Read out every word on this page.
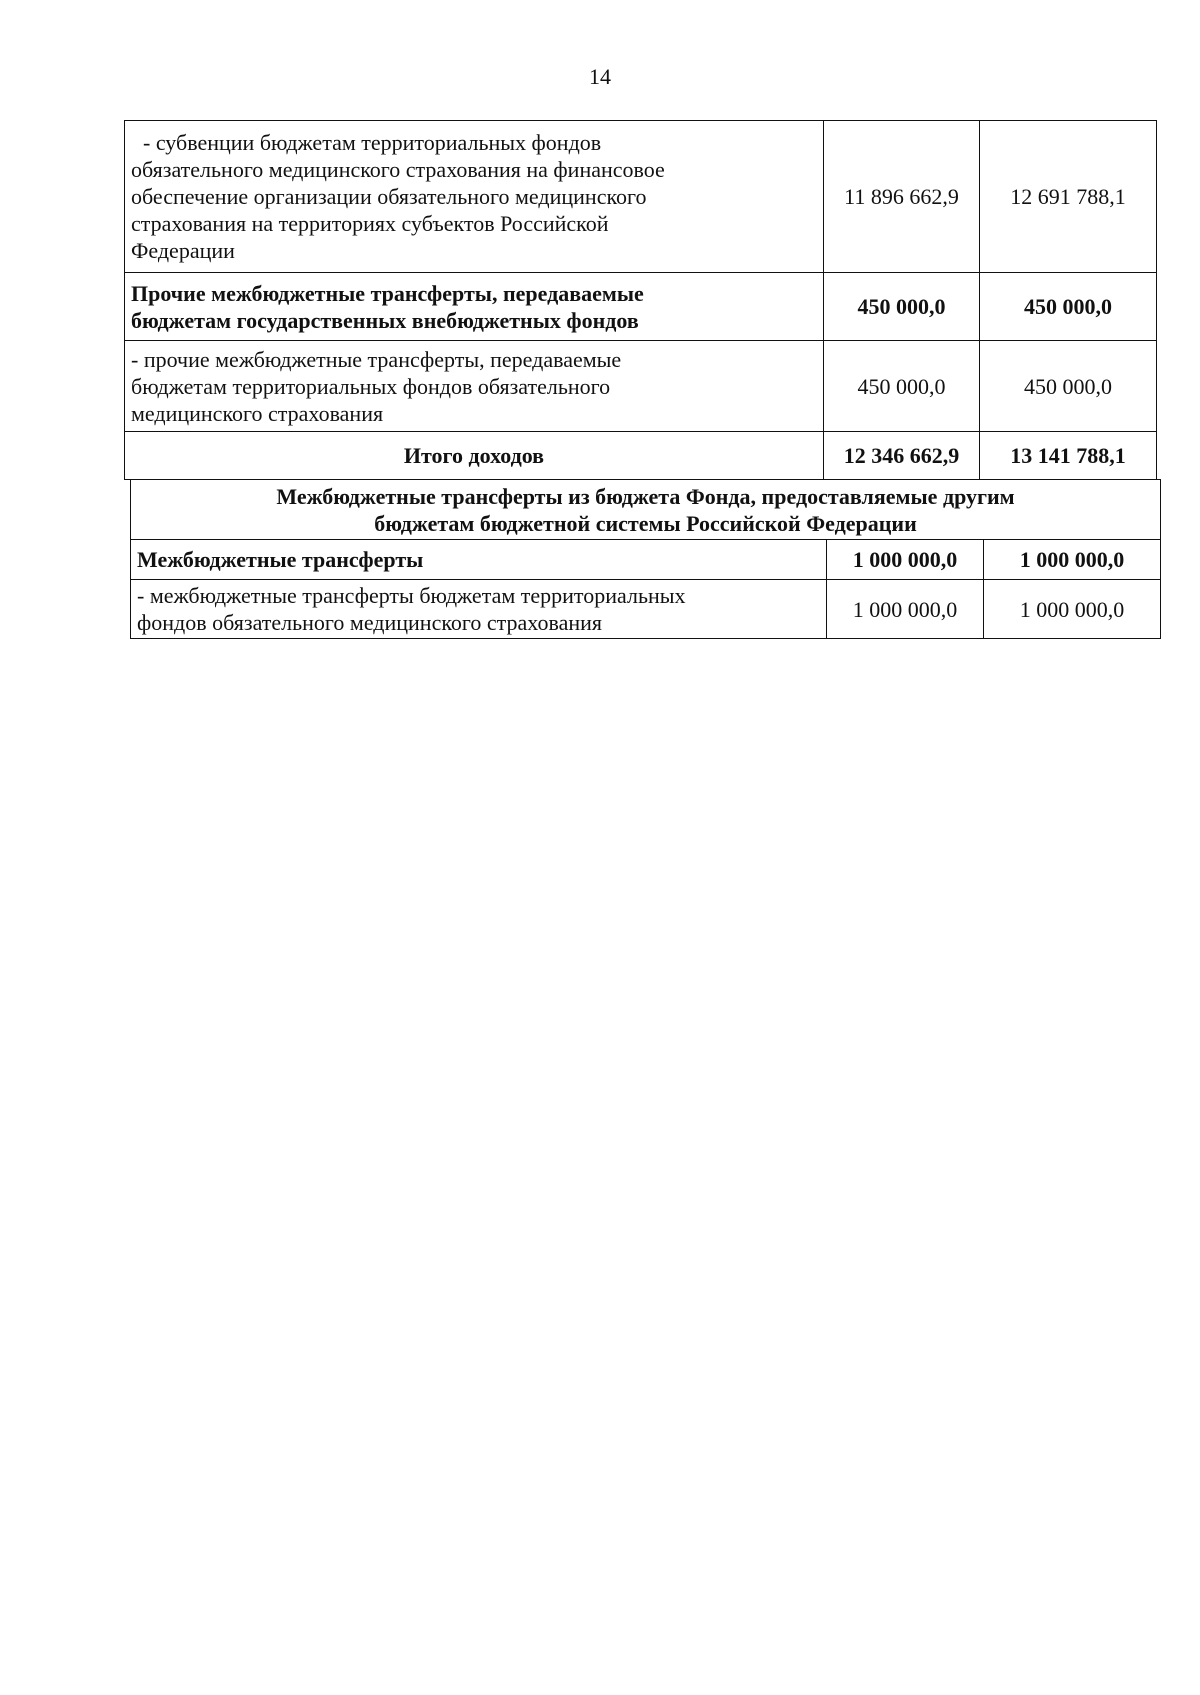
14
- субвенции бюджетам территориальных фондов
обязательного медицинского страхования на финансовое
обеспечение организации обязательного медицинского
страхования на территориях субъектов Российской
Федерации	11 896 662,9	12 691 788,1

Прочие межбюджетные трансферты, передаваемые
бюджетам государственных внебюджетных фондов	450 000,0	450 000,0

- прочие межбюджетные трансферты, передаваемые
бюджетам территориальных фондов обязательного
медицинского страхования	450 000,0	450 000,0
Итого доходов	12 346 662,9	13 141 788,1
Межбюджетные трансферты из бюджета Фонда, предоставляемые другим
бюджетам бюджетной системы Российской Федерации		

Межбюджетные трансферты	1 000 000,0	1 000 000,0

- межбюджетные трансферты бюджетам территориальных
фондов обязательного медицинского страхования	1 000 000,0	1 000 000,0
